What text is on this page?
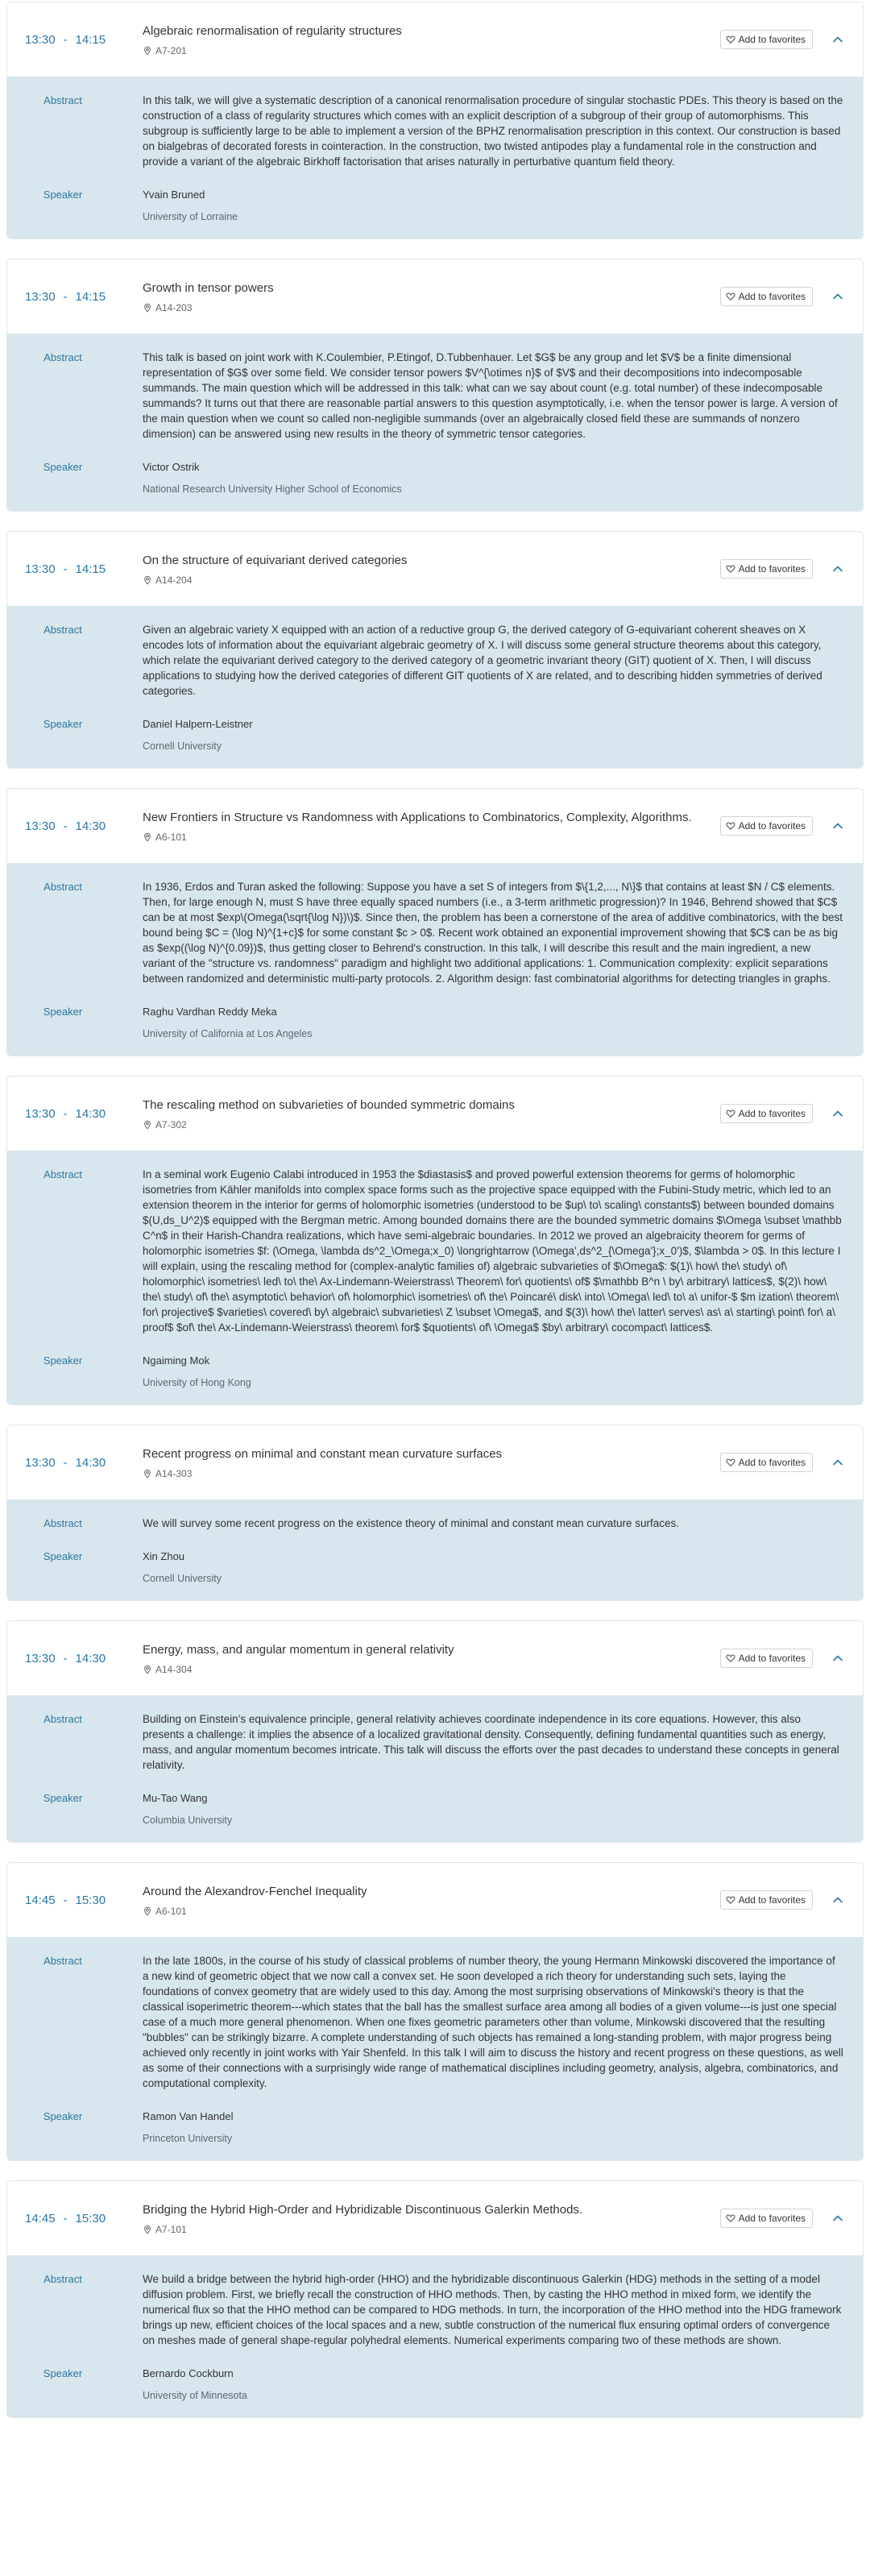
13:30 - 14:15
Algebraic renormalisation of regularity structures
A7-201
Add to favorites
Abstract	In this talk, we will give a systematic description of a canonical renormalisation procedure of singular stochastic PDEs. This theory is based on the construction of a class of regularity structures which comes with an explicit description of a subgroup of their group of automorphisms. This subgroup is sufficiently large to be able to implement a version of the BPHZ renormalisation prescription in this context. Our construction is based on bialgebras of decorated forests in cointeraction. In the construction, two twisted antipodes play a fundamental role in the construction and provide a variant of the algebraic Birkhoff factorisation that arises naturally in perturbative quantum field theory.
Speaker	Yvain Bruned
University of Lorraine
13:30 - 14:15
Growth in tensor powers
A14-203
Add to favorites
Abstract	This talk is based on joint work with K.Coulembier, P.Etingof, D.Tubbenhauer. Let $G$ be any group and let $V$ be a finite dimensional representation of $G$ over some field. We consider tensor powers $V^{\otimes n}$ of $V$ and their decompositions into indecomposable summands. The main question which will be addressed in this talk: what can we say about count (e.g. total number) of these indecomposable summands? It turns out that there are reasonable partial answers to this question asymptotically, i.e. when the tensor power is large. A version of the main question when we count so called non-negligible summands (over an algebraically closed field these are summands of nonzero dimension) can be answered using new results in the theory of symmetric tensor categories.
Speaker	Victor Ostrik
National Research University Higher School of Economics
13:30 - 14:15
On the structure of equivariant derived categories
A14-204
Add to favorites
Abstract	Given an algebraic variety X equipped with an action of a reductive group G, the derived category of G-equivariant coherent sheaves on X encodes lots of information about the equivariant algebraic geometry of X. I will discuss some general structure theorems about this category, which relate the equivariant derived category to the derived category of a geometric invariant theory (GIT) quotient of X. Then, I will discuss applications to studying how the derived categories of different GIT quotients of X are related, and to describing hidden symmetries of derived categories.
Speaker	Daniel Halpern-Leistner
Cornell University
13:30 - 14:30
New Frontiers in Structure vs Randomness with Applications to Combinatorics, Complexity, Algorithms.
A6-101
Add to favorites
Abstract	In 1936, Erdos and Turan asked the following: Suppose you have a set S of integers from $\{1,2,..., N\}$ that contains at least $N / C$ elements. Then, for large enough N, must S have three equally spaced numbers (i.e., a 3-term arithmetic progression)? In 1946, Behrend showed that $C$ can be at most $exp\(Omega(\sqrt{\log N})\)$. Since then, the problem has been a cornerstone of the area of additive combinatorics, with the best bound being $C = (\log N)^{1+c}$ for some constant $c > 0$. Recent work obtained an exponential improvement showing that $C$ can be as big as $exp((\log N)^{0.09})$, thus getting closer to Behrend's construction. In this talk, I will describe this result and the main ingredient, a new variant of the "structure vs. randomness" paradigm and highlight two additional applications: 1. Communication complexity: explicit separations between randomized and deterministic multi-party protocols. 2. Algorithm design: fast combinatorial algorithms for detecting triangles in graphs.
Speaker	Raghu Vardhan Reddy Meka
University of California at Los Angeles
13:30 - 14:30
The rescaling method on subvarieties of bounded symmetric domains
A7-302
Add to favorites
Abstract	In a seminal work Eugenio Calabi introduced in 1953 the $diastasis$ and proved powerful extension theorems for germs of holomorphic isometries from Kähler manifolds into complex space forms such as the projective space equipped with the Fubini-Study metric, which led to an extension theorem in the interior for germs of holomorphic isometries (understood to be $up\ to\ scaling\ constants$) between bounded domains $(U,ds_U^2)$ equipped with the Bergman metric. Among bounded domains there are the bounded symmetric domains $\Omega \subset \mathbb C^n$ in their Harish-Chandra realizations, which have semi-algebraic boundaries. In 2012 we proved an algebraicity theorem for germs of holomorphic isometries $f: (\Omega, \lambda ds^2_\Omega;x_0) \longrightarrow (\Omega',ds^2_{\Omega'};x_0')$, $\lambda > 0$. In this lecture I will explain, using the rescaling method for (complex-analytic families of) algebraic subvarieties of $\Omega$: $(1)\ how\ the\ study\ of\ holomorphic\ isometries\ led\ to\ the\ Ax-Lindemann-Weierstrass\ Theorem\ for\ quotients\ of$ $\mathbb B^n \ by\ arbitrary\ lattices$, $(2)\ how\ the\ study\ of\ the\ asymptotic\ behavior\ of\ holomorphic\ isometries\ of\ the\ Poincaré\ disk\ into\ \Omega\ led\ to\ a\ unifor-$ $m ization\ theorem\ for\ projective$ $varieties\ covered\ by\ algebraic\ subvarieties\ Z \subset \Omega$, and $(3)\ how\ the\ latter\ serves\ as\ a\ starting\ point\ for\ a\ proof$ $of\ the\ Ax-Lindemann-Weierstrass\ theorem\ for$ $quotients\ of\ \Omega$ $by\ arbitrary\ cocompact\ lattices$.
Speaker	Ngaiming Mok
University of Hong Kong
13:30 - 14:30
Recent progress on minimal and constant mean curvature surfaces
A14-303
Add to favorites
Abstract	We will survey some recent progress on the existence theory of minimal and constant mean curvature surfaces.
Speaker	Xin Zhou
Cornell University
13:30 - 14:30
Energy, mass, and angular momentum in general relativity
A14-304
Add to favorites
Abstract	Building on Einstein’s equivalence principle, general relativity achieves coordinate independence in its core equations. However, this also presents a challenge: it implies the absence of a localized gravitational density. Consequently, defining fundamental quantities such as energy, mass, and angular momentum becomes intricate. This talk will discuss the efforts over the past decades to understand these concepts in general relativity.
Speaker	Mu-Tao Wang
Columbia University
14:45 - 15:30
Around the Alexandrov-Fenchel Inequality
A6-101
Add to favorites
Abstract	In the late 1800s, in the course of his study of classical problems of number theory, the young Hermann Minkowski discovered the importance of a new kind of geometric object that we now call a convex set. He soon developed a rich theory for understanding such sets, laying the foundations of convex geometry that are widely used to this day. Among the most surprising observations of Minkowski's theory is that the classical isoperimetric theorem---which states that the ball has the smallest surface area among all bodies of a given volume---is just one special case of a much more general phenomenon. When one fixes geometric parameters other than volume, Minkowski discovered that the resulting "bubbles" can be strikingly bizarre. A complete understanding of such objects has remained a long-standing problem, with major progress being achieved only recently in joint works with Yair Shenfeld. In this talk I will aim to discuss the history and recent progress on these questions, as well as some of their connections with a surprisingly wide range of mathematical disciplines including geometry, analysis, algebra, combinatorics, and computational complexity.
Speaker	Ramon Van Handel
Princeton University
14:45 - 15:30
Bridging the Hybrid High-Order and Hybridizable Discontinuous Galerkin Methods.
A7-101
Add to favorites
Abstract	We build a bridge between the hybrid high-order (HHO) and the hybridizable discontinuous Galerkin (HDG) methods in the setting of a model diffusion problem. First, we briefly recall the construction of HHO methods. Then, by casting the HHO method in mixed form, we identify the numerical flux so that the HHO method can be compared to HDG methods. In turn, the incorporation of the HHO method into the HDG framework brings up new, efficient choices of the local spaces and a new, subtle construction of the numerical flux ensuring optimal orders of convergence on meshes made of general shape-regular polyhedral elements. Numerical experiments comparing two of these methods are shown.
Speaker	Bernardo Cockburn
University of Minnesota
